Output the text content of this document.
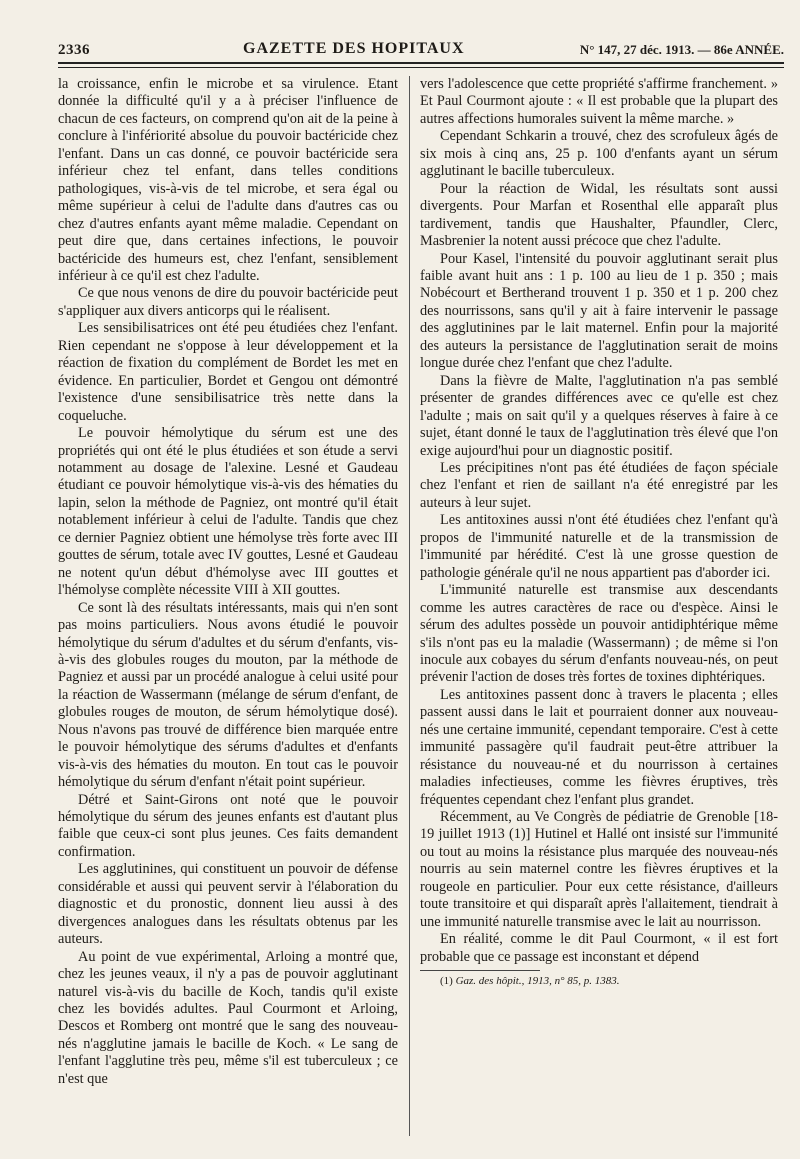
2336	GAZETTE DES HOPITAUX	N° 147, 27 déc. 1913. — 86e ANNÉE.

la croissance, enfin le microbe et sa virulence. Etant donnée la difficulté qu'il y a à préciser l'influence de chacun de ces facteurs, on comprend qu'on ait de la peine à conclure à l'infériorité absolue du pouvoir bactéricide chez l'enfant. Dans un cas donné, ce pouvoir bactéricide sera inférieur chez tel enfant, dans telles conditions pathologiques, vis-à-vis de tel microbe, et sera égal ou même supérieur à celui de l'adulte dans d'autres cas ou chez d'autres enfants ayant même maladie. Cependant on peut dire que, dans certaines infections, le pouvoir bactéricide des humeurs est, chez l'enfant, sensiblement inférieur à ce qu'il est chez l'adulte.

Ce que nous venons de dire du pouvoir bactéricide peut s'appliquer aux divers anticorps qui le réalisent.

Les sensibilisatrices ont été peu étudiées chez l'enfant. Rien cependant ne s'oppose à leur développement et la réaction de fixation du complément de Bordet les met en évidence. En particulier, Bordet et Gengou ont démontré l'existence d'une sensibilisatrice très nette dans la coqueluche.

Le pouvoir hémolytique du sérum est une des propriétés qui ont été le plus étudiées et son étude a servi notamment au dosage de l'alexine. Lesné et Gaudeau étudiant ce pouvoir hémolytique vis-à-vis des hématies du lapin, selon la méthode de Pagniez, ont montré qu'il était notablement inférieur à celui de l'adulte. Tandis que chez ce dernier Pagniez obtient une hémolyse très forte avec III gouttes de sérum, totale avec IV gouttes, Lesné et Gaudeau ne notent qu'un début d'hémolyse avec III gouttes et l'hémolyse complète nécessite VIII à XII gouttes.

Ce sont là des résultats intéressants, mais qui n'en sont pas moins particuliers. Nous avons étudié le pouvoir hémolytique du sérum d'adultes et du sérum d'enfants, vis-à-vis des globules rouges du mouton, par la méthode de Pagniez et aussi par un procédé analogue à celui usité pour la réaction de Wassermann (mélange de sérum d'enfant, de globules rouges de mouton, de sérum hémolytique dosé). Nous n'avons pas trouvé de différence bien marquée entre le pouvoir hémolytique des sérums d'adultes et d'enfants vis-à-vis des hématies du mouton. En tout cas le pouvoir hémolytique du sérum d'enfant n'était point supérieur.

Détré et Saint-Girons ont noté que le pouvoir hémolytique du sérum des jeunes enfants est d'autant plus faible que ceux-ci sont plus jeunes. Ces faits demandent confirmation.

Les agglutinines, qui constituent un pouvoir de défense considérable et aussi qui peuvent servir à l'élaboration du diagnostic et du pronostic, donnent lieu aussi à des divergences analogues dans les résultats obtenus par les auteurs.

Au point de vue expérimental, Arloing a montré que, chez les jeunes veaux, il n'y a pas de pouvoir agglutinant naturel vis-à-vis du bacille de Koch, tandis qu'il existe chez les bovidés adultes. Paul Courmont et Arloing, Descos et Romberg ont montré que le sang des nouveau-nés n'agglutine jamais le bacille de Koch. « Le sang de l'enfant l'agglutine très peu, même s'il est tuberculeux ; ce n'est que

vers l'adolescence que cette propriété s'affirme franchement. » Et Paul Courmont ajoute : « Il est probable que la plupart des autres affections humorales suivent la même marche. »

Cependant Schkarin a trouvé, chez des scrofuleux âgés de six mois à cinq ans, 25 p. 100 d'enfants ayant un sérum agglutinant le bacille tuberculeux.

Pour la réaction de Widal, les résultats sont aussi divergents. Pour Marfan et Rosenthal elle apparaît plus tardivement, tandis que Haushalter, Pfaundler, Clerc, Masbrenier la notent aussi précoce que chez l'adulte.

Pour Kasel, l'intensité du pouvoir agglutinant serait plus faible avant huit ans : 1 p. 100 au lieu de 1 p. 350 ; mais Nobécourt et Bertherand trouvent 1 p. 350 et 1 p. 200 chez des nourrissons, sans qu'il y ait à faire intervenir le passage des agglutinines par le lait maternel. Enfin pour la majorité des auteurs la persistance de l'agglutination serait de moins longue durée chez l'enfant que chez l'adulte.

Dans la fièvre de Malte, l'agglutination n'a pas semblé présenter de grandes différences avec ce qu'elle est chez l'adulte ; mais on sait qu'il y a quelques réserves à faire à ce sujet, étant donné le taux de l'agglutination très élevé que l'on exige aujourd'hui pour un diagnostic positif.

Les précipitines n'ont pas été étudiées de façon spéciale chez l'enfant et rien de saillant n'a été enregistré par les auteurs à leur sujet.

Les antitoxines aussi n'ont été étudiées chez l'enfant qu'à propos de l'immunité naturelle et de la transmission de l'immunité par hérédité. C'est là une grosse question de pathologie générale qu'il ne nous appartient pas d'aborder ici.

L'immunité naturelle est transmise aux descendants comme les autres caractères de race ou d'espèce. Ainsi le sérum des adultes possède un pouvoir antidiphtérique même s'ils n'ont pas eu la maladie (Wassermann) ; de même si l'on inocule aux cobayes du sérum d'enfants nouveau-nés, on peut prévenir l'action de doses très fortes de toxines diphtériques.

Les antitoxines passent donc à travers le placenta ; elles passent aussi dans le lait et pourraient donner aux nouveau-nés une certaine immunité, cependant temporaire. C'est à cette immunité passagère qu'il faudrait peut-être attribuer la résistance du nouveau-né et du nourrisson à certaines maladies infectieuses, comme les fièvres éruptives, très fréquentes cependant chez l'enfant plus grandet.

Récemment, au Ve Congrès de pédiatrie de Grenoble [18-19 juillet 1913 (1)] Hutinel et Hallé ont insisté sur l'immunité ou tout au moins la résistance plus marquée des nouveau-nés nourris au sein maternel contre les fièvres éruptives et la rougeole en particulier. Pour eux cette résistance, d'ailleurs toute transitoire et qui disparaît après l'allaitement, tiendrait à une immunité naturelle transmise avec le lait au nourrisson.

En réalité, comme le dit Paul Courmont, « il est fort probable que ce passage est inconstant et dépend

(1) Gaz. des hôpit., 1913, n° 85, p. 1383.
